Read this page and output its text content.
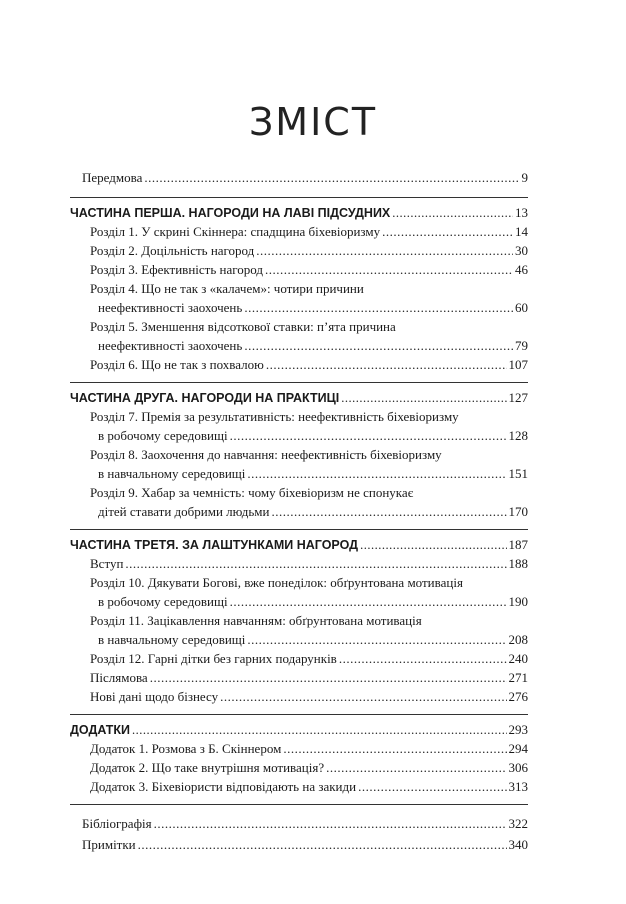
ЗМІСТ
Передмова .....	9
ЧАСТИНА ПЕРША. НАГОРОДИ НА ЛАВІ ПІДСУДНИХ .....	13
Розділ 1. У скрині Скіннера: спадщина біхевіоризму .....	14
Розділ 2. Доцільність нагород .....	30
Розділ 3. Ефективність нагород .....	46
Розділ 4. Що не так з «калачем»: чотири причини
неефективності заохочень .....	60
Розділ 5. Зменшення відсоткової ставки: п’ята причина
неефективності заохочень .....	79
Розділ 6. Що не так з похвалою .....	107
ЧАСТИНА ДРУГА. НАГОРОДИ НА ПРАКТИЦІ .....	127
Розділ 7. Премія за результативність: неефективність біхевіоризму
в робочому середовищі .....	128
Розділ 8. Заохочення до навчання: неефективність біхевіоризму
в навчальному середовищі .....	151
Розділ 9. Хабар за чемність: чому біхевіоризм не спонукає
дітей ставати добрими людьми .....	170
ЧАСТИНА ТРЕТЯ. ЗА ЛАШТУНКАМИ НАГОРОД .....	187
Вступ .....	188
Розділ 10. Дякувати Богові, вже понеділок: обґрунтована мотивація
в робочому середовищі .....	190
Розділ 11. Зацікавлення навчанням: обґрунтована мотивація
в навчальному середовищі .....	208
Розділ 12. Гарні дітки без гарних подарунків .....	240
Післямова .....	271
Нові дані щодо бізнесу .....	276
ДОДАТКИ .....	293
Додаток 1. Розмова з Б. Скіннером .....	294
Додаток 2. Що таке внутрішня мотивація? .....	306
Додаток 3. Біхевіористи відповідають на закиди .....	313
Бібліографія .....	322
Примітки .....	340
